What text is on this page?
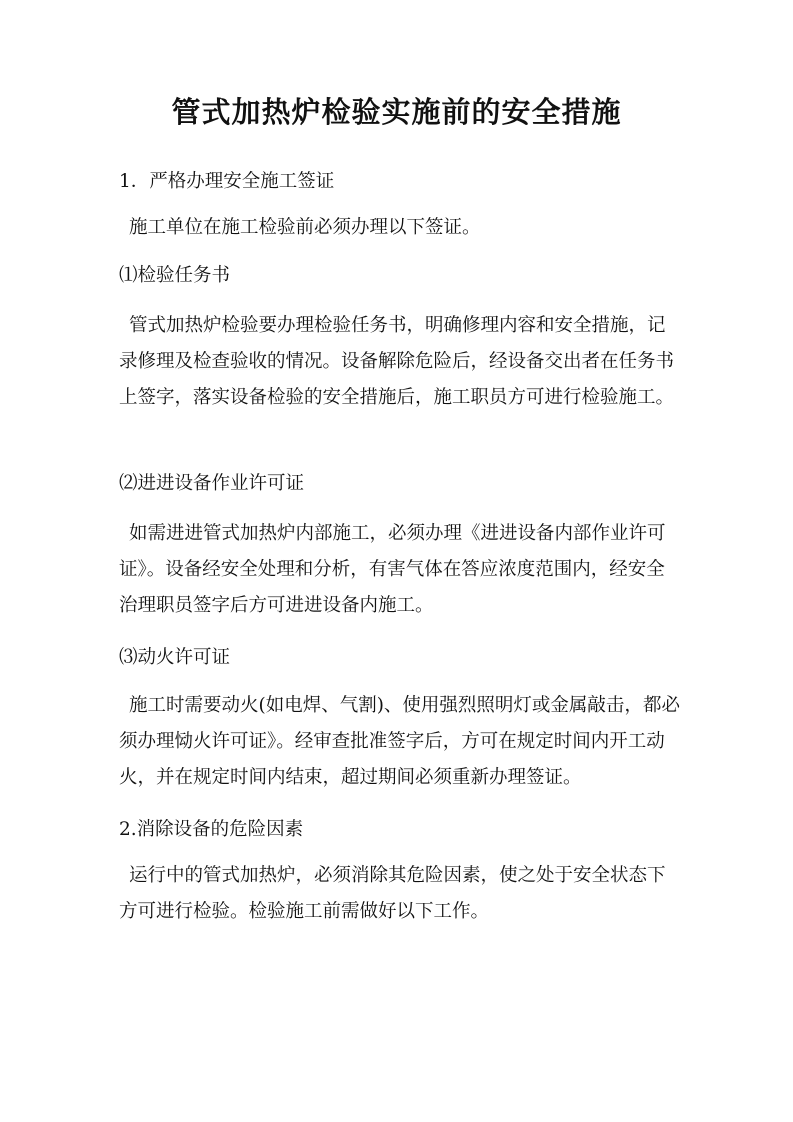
管式加热炉检验实施前的安全措施

1．严格办理安全施工签证

施工单位在施工检验前必须办理以下签证。

⑴检验任务书

管式加热炉检验要办理检验任务书，明确修理内容和安全措施，记录修理及检查验收的情况。设备解除危险后，经设备交出者在任务书上签字，落实设备检验的安全措施后，施工职员方可进行检验施工。

⑵进进设备作业许可证

如需进进管式加热炉内部施工，必须办理《进进设备内部作业许可证》。设备经安全处理和分析，有害气体在答应浓度范围内，经安全治理职员签字后方可进进设备内施工。

⑶动火许可证

施工时需要动火(如电焊、气割)、使用强烈照明灯或金属敲击，都必须办理恸火许可证》。经审查批准签字后，方可在规定时间内开工动火，并在规定时间内结束，超过期间必须重新办理签证。

2.消除设备的危险因素

运行中的管式加热炉，必须消除其危险因素，使之处于安全状态下方可进行检验。检验施工前需做好以下工作。
